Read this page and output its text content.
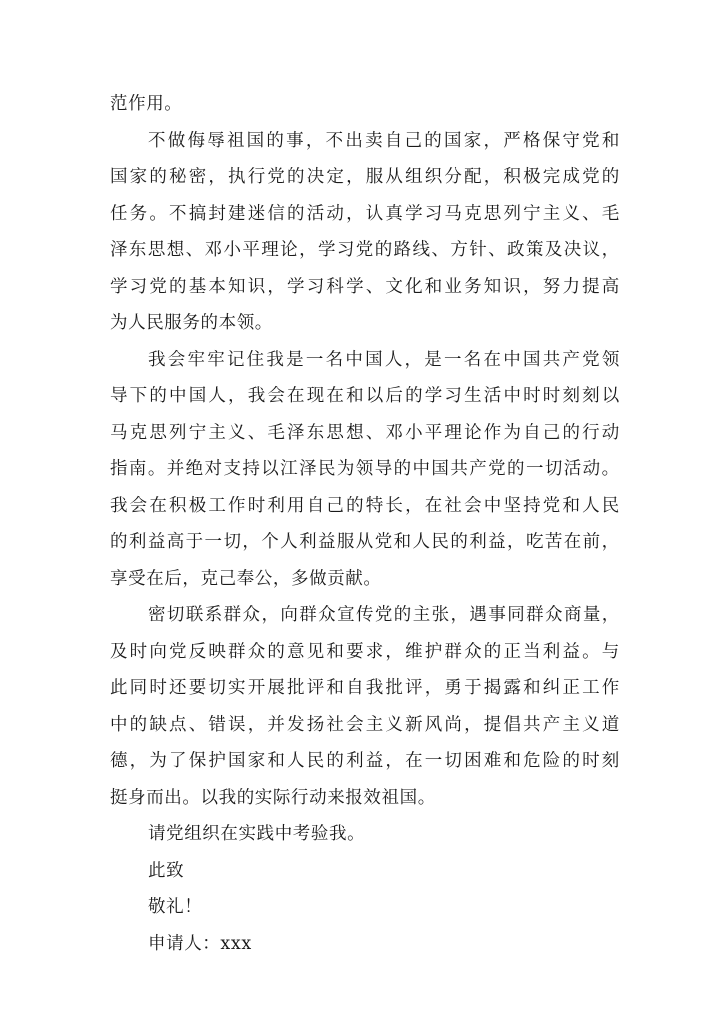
范作用。
不 做 侮 辱 祖 国 的 事 ， 不 出 卖 自 己 的 国 家 ， 严 格 保 守 党 和
国 家 的 秘 密 ， 执 行 党 的 决 定 ， 服 从 组 织 分 配 ， 积 极 完 成 党 的
任 务 。 不 搞 封 建 迷 信 的 活 动 ， 认 真 学 习 马 克 思 列 宁 主 义 、 毛
泽 东 思 想 、 邓 小 平 理 论 ， 学 习 党 的 路 线 、 方 针 、 政 策 及 决 议 ，
学 习 党 的 基 本 知 识 ， 学 习 科 学 、 文 化 和 业 务 知 识 ， 努 力 提 高
为人民服务的本领。
我 会 牢 牢 记 住 我 是 一 名 中 国 人 ， 是 一 名 在 中 国 共 产 党 领
导 下 的 中 国 人 ， 我 会 在 现 在 和 以 后 的 学 习 生 活 中 时 时 刻 刻 以
马 克 思 列 宁 主 义 、 毛 泽 东 思 想 、 邓 小 平 理 论 作 为 自 己 的 行 动
指 南 。 并 绝 对 支 持 以 江 泽 民 为 领 导 的 中 国 共 产 党 的 一 切 活 动 。
我 会 在 积 极 工 作 时 利 用 自 己 的 特 长 ， 在 社 会 中 坚 持 党 和 人 民
的 利 益 高 于 一 切 ， 个 人 利 益 服 从 党 和 人 民 的 利 益 ， 吃 苦 在 前 ，
享受在后，克己奉公，多做贡献。
密 切 联 系 群 众 ， 向 群 众 宣 传 党 的 主 张 ， 遇 事 同 群 众 商 量 ，
及 时 向 党 反 映 群 众 的 意 见 和 要 求 ， 维 护 群 众 的 正 当 利 益 。 与
此 同 时 还 要 切 实 开 展 批 评 和 自 我 批 评 ， 勇 于 揭 露 和 纠 正 工 作
中 的 缺 点 、 错 误 ， 并 发 扬 社 会 主 义 新 风 尚 ， 提 倡 共 产 主 义 道
德 ， 为 了 保 护 国 家 和 人 民 的 利 益 ， 在 一 切 困 难 和 危 险 的 时 刻
挺身而出。以我的实际行动来报效祖国。
请党组织在实践中考验我。
此致
敬礼！
申请人：xxx
